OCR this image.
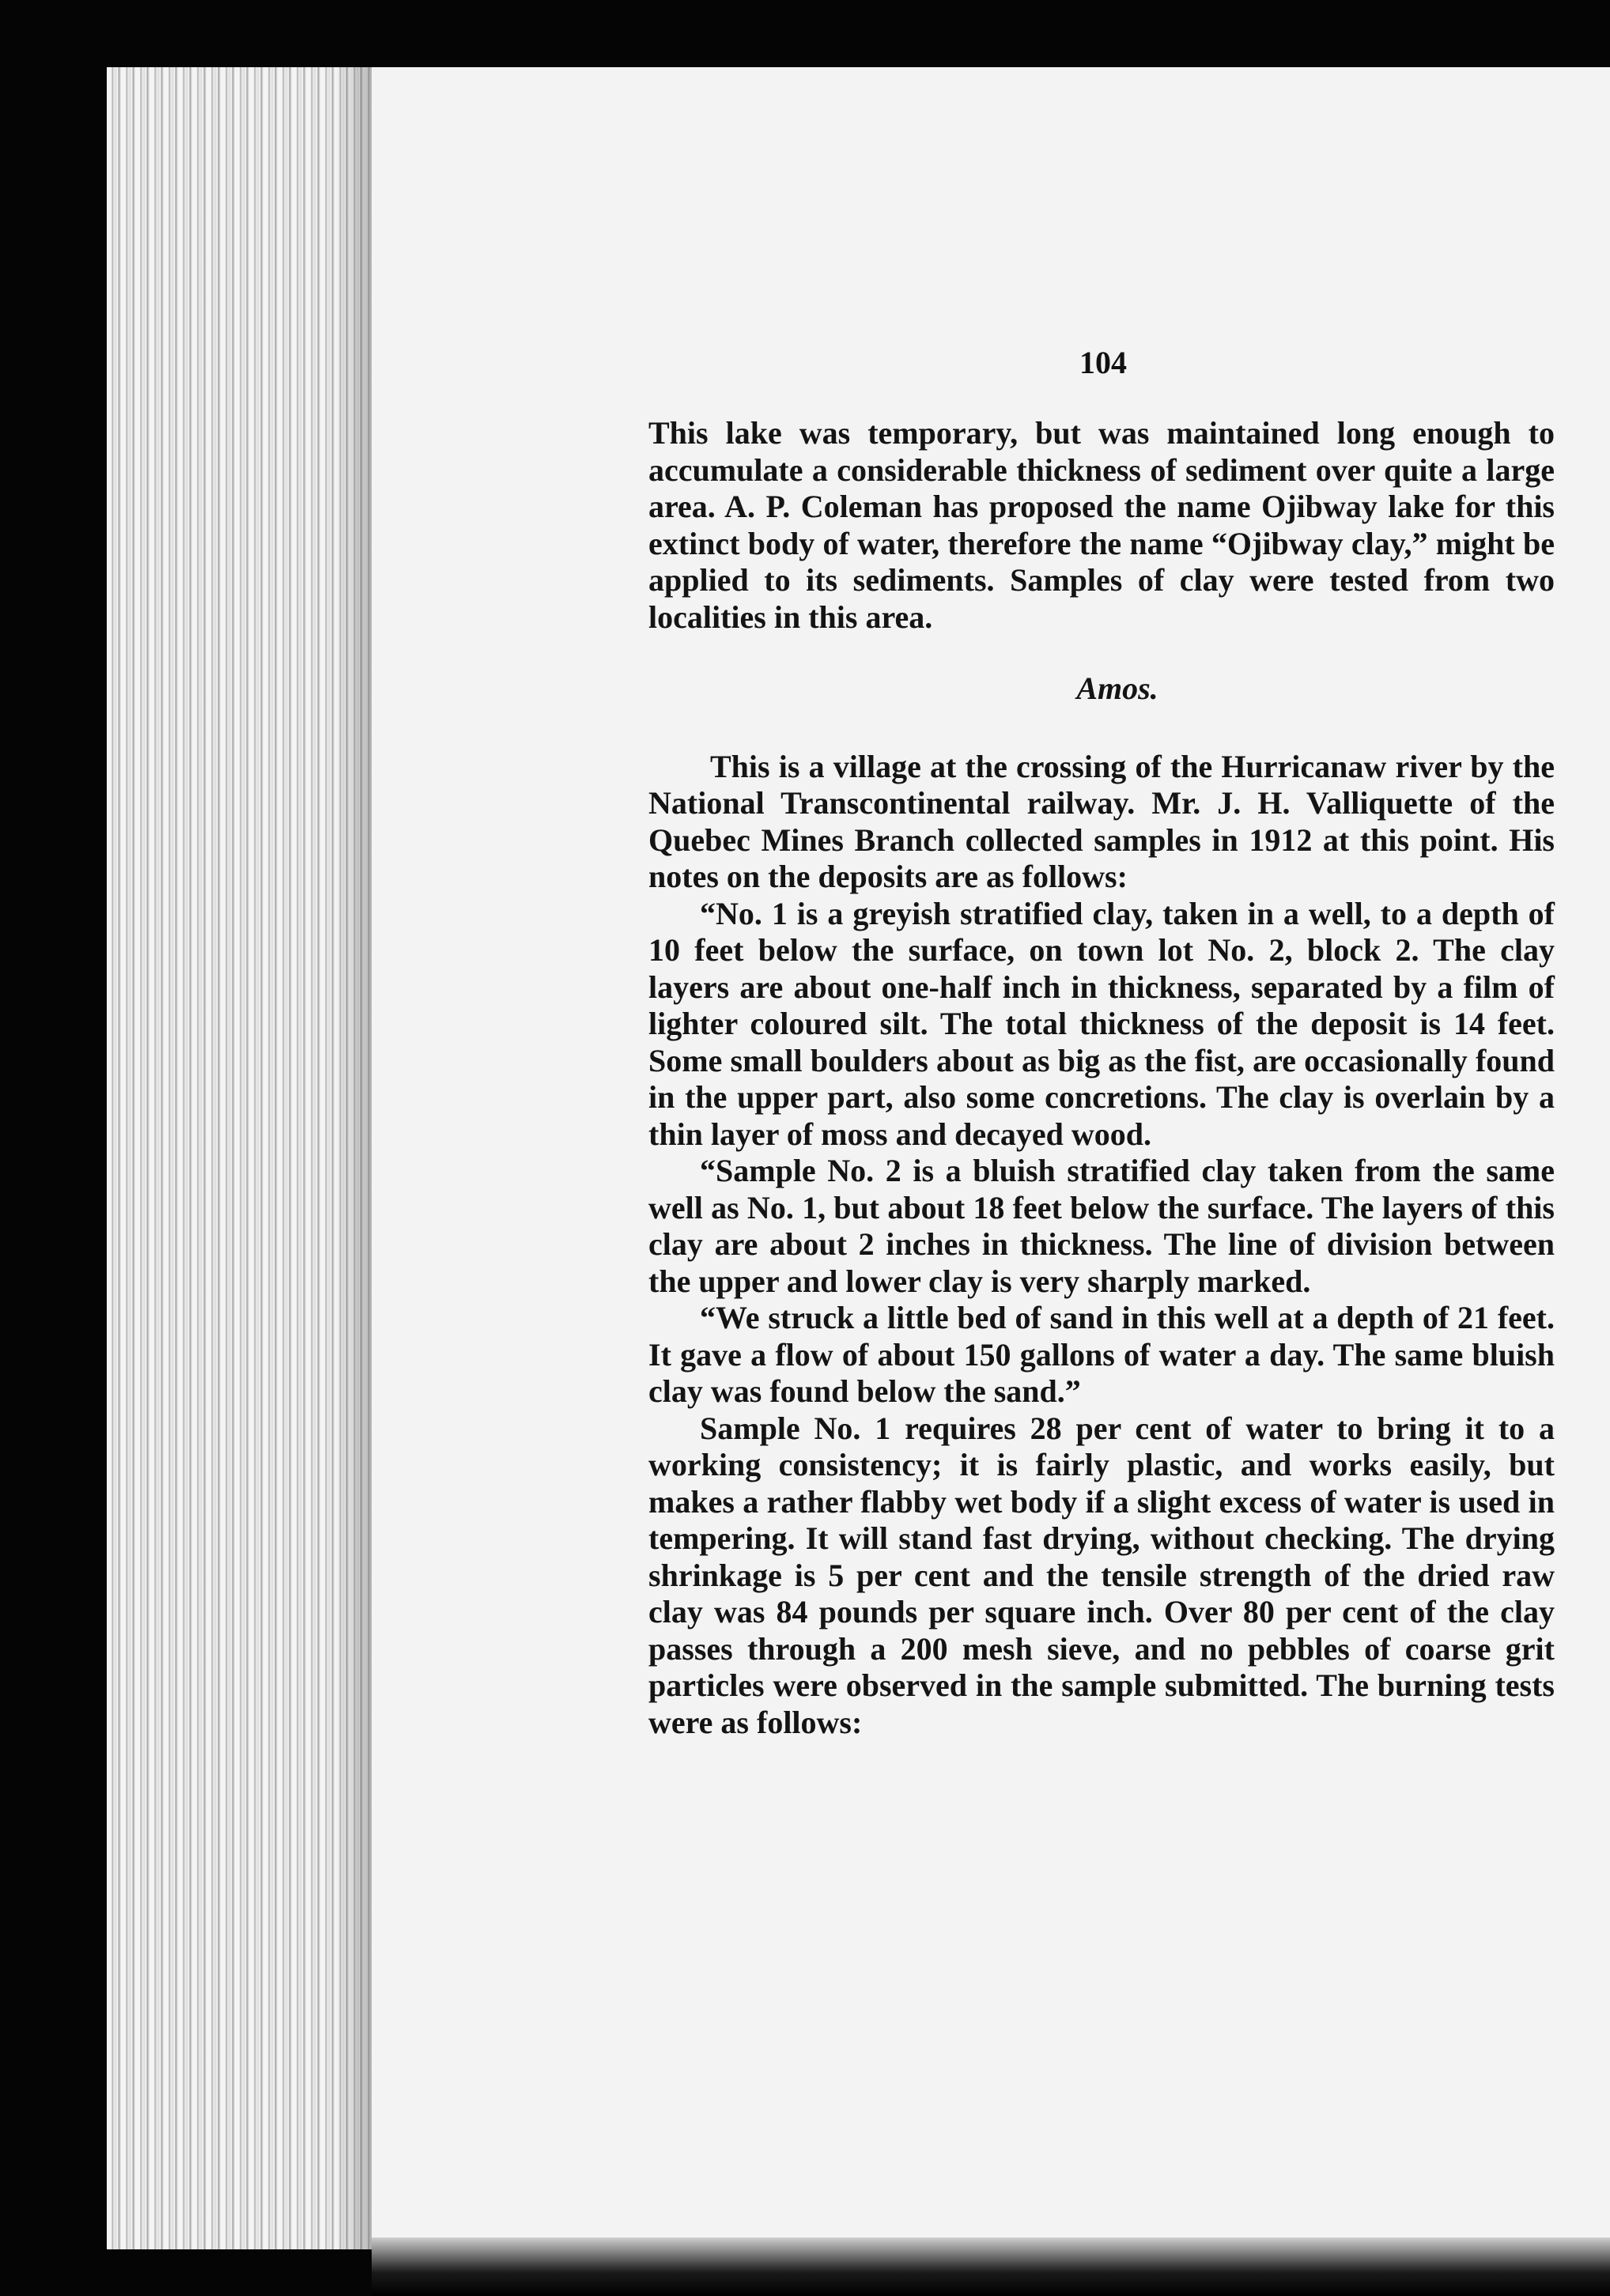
104

This lake was temporary, but was maintained long enough to accumulate a considerable thickness of sediment over quite a large area. A. P. Coleman has proposed the name Ojibway lake for this extinct body of water, therefore the name “Ojibway clay,” might be applied to its sediments. Samples of clay were tested from two localities in this area.

Amos.

This is a village at the crossing of the Hurricanaw river by the National Transcontinental railway. Mr. J. H. Valliquette of the Quebec Mines Branch collected samples in 1912 at this point. His notes on the deposits are as follows:

“No. 1 is a greyish stratified clay, taken in a well, to a depth of 10 feet below the surface, on town lot No. 2, block 2. The clay layers are about one-half inch in thickness, separated by a film of lighter coloured silt. The total thickness of the deposit is 14 feet. Some small boulders about as big as the fist, are occasionally found in the upper part, also some concretions. The clay is overlain by a thin layer of moss and decayed wood.

“Sample No. 2 is a bluish stratified clay taken from the same well as No. 1, but about 18 feet below the surface. The layers of this clay are about 2 inches in thickness. The line of division between the upper and lower clay is very sharply marked.

“We struck a little bed of sand in this well at a depth of 21 feet. It gave a flow of about 150 gallons of water a day. The same bluish clay was found below the sand.”

Sample No. 1 requires 28 per cent of water to bring it to a working consistency; it is fairly plastic, and works easily, but makes a rather flabby wet body if a slight excess of water is used in tempering. It will stand fast drying, without checking. The drying shrinkage is 5 per cent and the tensile strength of the dried raw clay was 84 pounds per square inch. Over 80 per cent of the clay passes through a 200 mesh sieve, and no pebbles of coarse grit particles were observed in the sample submitted. The burning tests were as follows:
